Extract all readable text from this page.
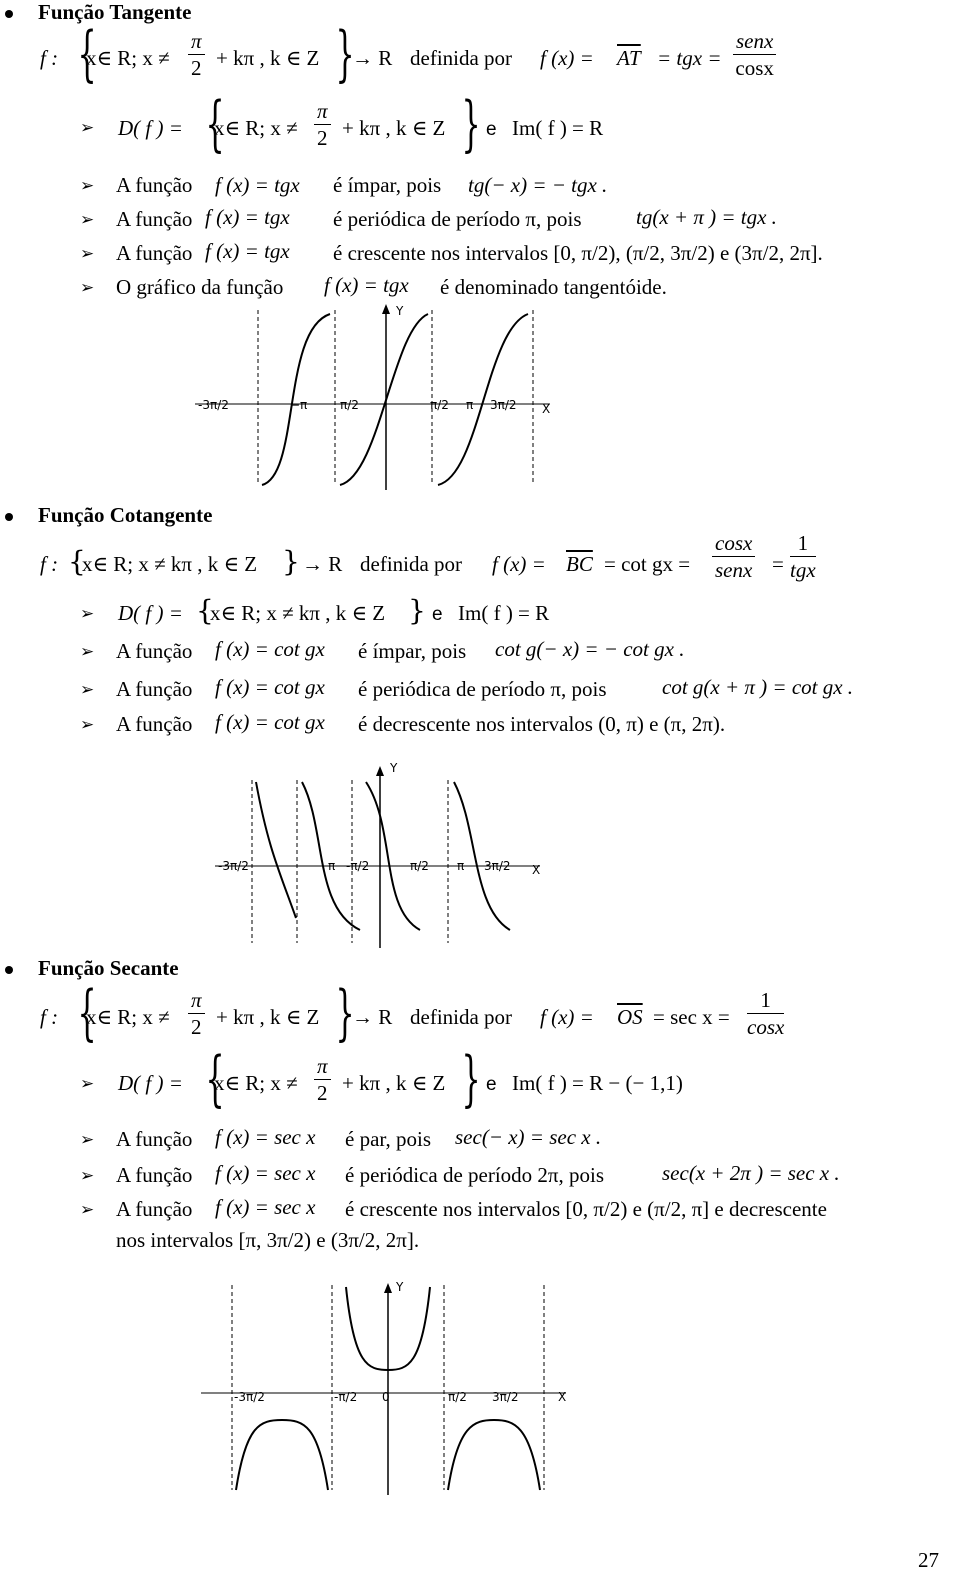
Função Tangente
f : {
x∈ R; $x \ne \frac{\pi}{2} + k\pi$ , k ∈ Z }
→ R definida por f $(x) = \overline{AT}$ = tgx =
senx
cosx
➢ D( f ) = {
x∈ R; $x \ne \frac{\pi}{2} + k\pi$ , k ∈ Z } e Im( f ) = R
➢ A função f (x) = tgx é ímpar, pois tg(− x) = − tgx .
➢ A função f (x) = tgx é periódica de período π, pois	tg(x + π ) = tgx .
➢ A função f (x) = tgx é crescente nos intervalos [0, π/2), (π/2, 3π/2) e (3π/2, 2π].
➢ O gráfico da função f (x) = tgx é denominado tangentóide.
Y
X
-3π/2	−π	π/2	π/2 π 3π/2
Função Cotangente
f : {
x∈ R; x ≠ kπ , k ∈ Z } → R definida por f $(x) = \overline{BC} = \cot$ gx =
cosx
senx =
1
tgx
➢ D( f ) = {
x∈ R; x ≠ kπ , k ∈ Z } e Im( f ) = R
➢ A função f (x) = cot gx é ímpar, pois cot g(− x) = − cot gx .
➢ A função f (x) = cot gx é periódica de período π, pois	cot g(x + π ) = cot gx .
➢ A função f (x) = cot gx é decrescente nos intervalos (0, π) e (π, 2π).
Y
X
-3π/2	π -π/2	π/2 π 3π/2
Função Secante
f : {
x∈ R; $x \ne \frac{\pi}{2} + k\pi$ , k ∈ Z }
→ R definida por f $(x) = \overline{OS} = \sec x = \frac{1}{\cos x}$
➢ D( f ) = {
x∈ R; $x \ne \frac{\pi}{2} + k\pi$ , k ∈ Z } e Im( f ) = R − (− 1,1)
➢ A função f (x) = sec x é par, pois sec(− x) = sec x .
➢ A função f (x) = sec x é periódica de período 2π, pois	sec(x + 2π ) = sec x .
➢ A função f (x) = sec x é crescente nos intervalos [0, π/2) e (π/2, π] e decrescente
nos intervalos [π, 3π/2) e (3π/2, 2π].
Y
X
-3π/2	-π/2 0	π/2 3π/2
27
